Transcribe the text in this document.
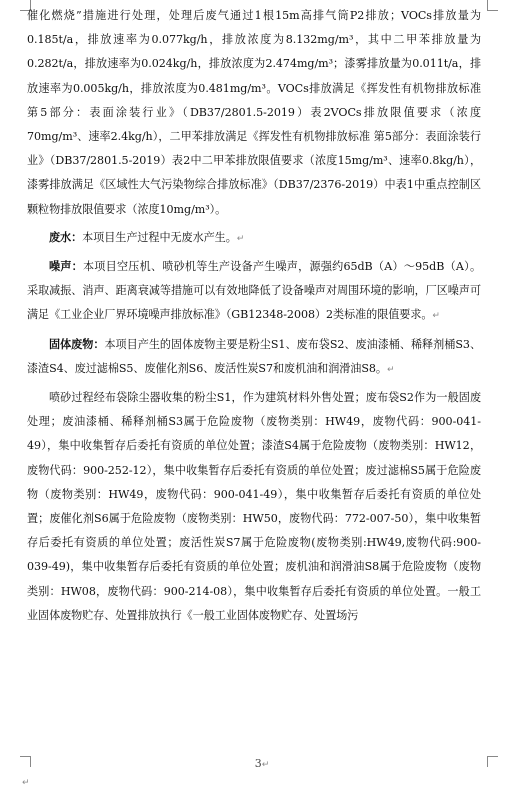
催化燃烧”措施进行处理，处理后废气通过1根15m高排气筒P2排放；VOCs排放量为0.185t/a，排放速率为0.077kg/h，排放浓度为8.132mg/m³，其中二甲苯排放量为0.282t/a，排放速率为0.024kg/h，排放浓度为2.474mg/m³；漆雾排放量为0.011t/a，排放速率为0.005kg/h，排放浓度为0.481mg/m³。VOCs排放满足《挥发性有机物排放标准 第5部分：表面涂装行业》（DB37/2801.5-2019）表2VOCs排放限值要求（浓度70mg/m³、速率2.4kg/h），二甲苯排放满足《挥发性有机物排放标准 第5部分：表面涂装行业》（DB37/2801.5-2019）表2中二甲苯排放限值要求（浓度15mg/m³、速率0.8kg/h），漆雾排放满足《区域性大气污染物综合排放标准》（DB37/2376-2019）中表1中重点控制区颗粒物排放限值要求（浓度10mg/m³）。

废水：本项目生产过程中无废水产生。↵

噪声：本项目空压机、喷砂机等生产设备产生噪声，源强约65dB（A）～95dB（A）。采取减振、消声、距离衰减等措施可以有效地降低了设备噪声对周围环境的影响，厂区噪声可满足《工业企业厂界环境噪声排放标准》（GB12348-2008）2类标准的限值要求。↵

固体废物：本项目产生的固体废物主要是粉尘S1、废布袋S2、废油漆桶、稀释剂桶S3、漆渣S4、废过滤棉S5、废催化剂S6、废活性炭S7和废机油和润滑油S8。↵

喷砂过程经布袋除尘器收集的粉尘S1，作为建筑材料外售处置；废布袋S2作为一般固废处理；废油漆桶、稀释剂桶S3属于危险废物（废物类别：HW49，废物代码：900-041-49），集中收集暂存后委托有资质的单位处置；漆渣S4属于危险废物（废物类别：HW12，废物代码：900-252-12），集中收集暂存后委托有资质的单位处置；废过滤棉S5属于危险废物（废物类别：HW49，废物代码：900-041-49），集中收集暂存后委托有资质的单位处置；废催化剂S6属于危险废物（废物类别：HW50，废物代码：772-007-50），集中收集暂存后委托有资质的单位处置；废活性炭S7属于危险废物(废物类别:HW49,废物代码:900-039-49)，集中收集暂存后委托有资质的单位处置；废机油和润滑油S8属于危险废物（废物类别：HW08，废物代码：900-214-08），集中收集暂存后委托有资质的单位处置。一般工业固体废物贮存、处置排放执行《一般工业固体废物贮存、处置场污

3↵
↵
